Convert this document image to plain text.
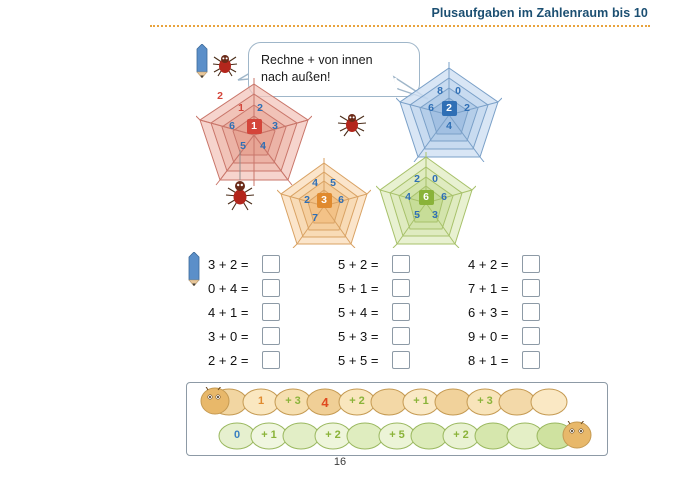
Plusaufgaben im Zahlenraum bis 10
Rechne + von innen
nach außen!
2
1	2
6	1	3
5	4
8	0
6	2	2
4
4	5
2	3	6
7
2	0
4	6	6
5	3
3 + 2 =
0 + 4 =
4 + 1 =
3 + 0 =
2 + 2 =
5 + 2 =
5 + 1 =
5 + 4 =
5 + 3 =
5 + 5 =
4 + 2 =
7 + 1 =
6 + 3 =
9 + 0 =
8 + 1 =
1	+ 3	4	+ 2	+ 1	+ 3
0	+ 1	+ 2	+ 5	+ 2
16
